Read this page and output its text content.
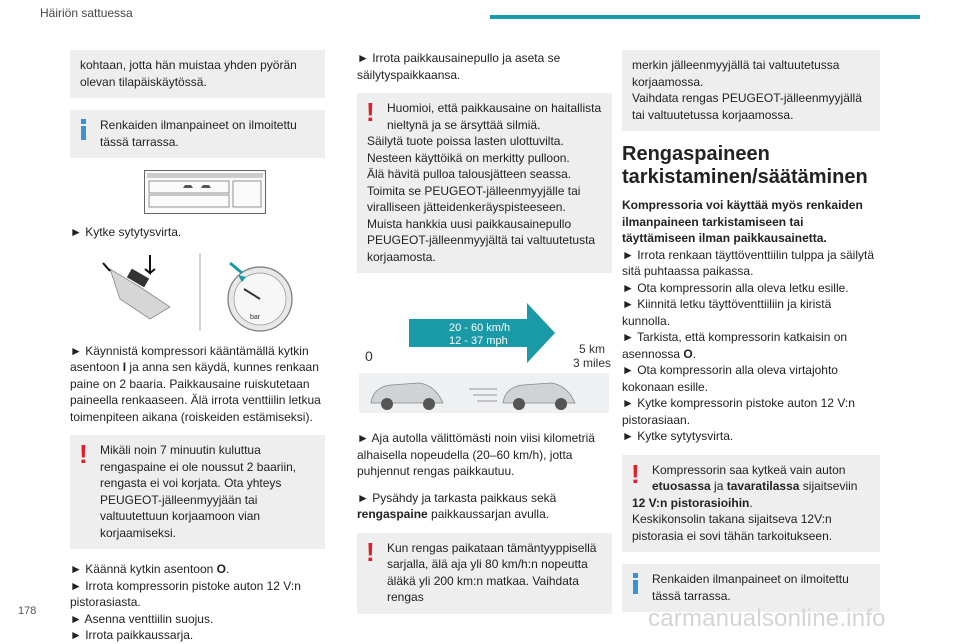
Häiriön sattuessa
kohtaan, jotta hän muistaa yhden pyörän olevan tilapäiskäytössä.
Renkaiden ilmanpaineet on ilmoitettu tässä tarrassa.

► Kytke sytytysvirta.

bar

► Käynnistä kompressori kääntämällä kytkin asentoon I ja anna sen käydä, kunnes renkaan paine on 2 baaria. Paikkausaine ruiskutetaan paineella renkaaseen. Älä irrota venttiilin letkua toimenpiteen aikana (roiskeiden estämiseksi).

! Mikäli noin 7 minuutin kuluttua rengaspaine ei ole noussut 2 baariin, rengasta ei voi korjata. Ota yhteys PEUGEOT-jälleenmyyjään tai valtuutettuun korjaamoon vian korjaamiseksi.

► Käännä kytkin asentoon O.

► Irrota kompressorin pistoke auton 12 V:n pistorasiasta.
► Asenna venttiilin suojus.
► Irrota paikkaussarja.

► Irrota paikkausainepullo ja aseta se säilytyspaikkaansa.

! Huomioi, että paikkausaine on haitallista nieltynä ja se ärsyttää silmiä.
Säilytä tuote poissa lasten ulottuvilta.
Nesteen käyttöikä on merkitty pulloon.
Älä hävitä pulloa talousjätteen seassa. Toimita se PEUGEOT-jälleenmyyjälle tai viralliseen jätteidenkeräyspisteeseen.
Muista hankkia uusi paikkausainepullo PEUGEOT-jälleenmyyjältä tai valtuutetusta korjaamosta.
20 - 60 km/h
12 - 37 mph
0	5 km
3 miles

► Aja autolla välittömästi noin viisi kilometriä alhaisella nopeudella (20–60 km/h), jotta puhjennut rengas paikkautuu.

► Pysähdy ja tarkasta paikkaus sekä rengaspaine paikkaussarjan avulla.

! Kun rengas paikataan tämäntyyppisellä sarjalla, älä aja yli 80 km/h:n nopeutta äläkä yli 200 km:n matkaa. Vaihdata rengas
merkin jälleenmyyjällä tai valtuutetussa korjaamossa.
Vaihdata rengas PEUGEOT-jälleenmyyjällä tai valtuutetussa korjaamossa.
Rengaspaineen tarkistaminen/säätäminen

Kompressoria voi käyttää myös renkaiden ilmanpaineen tarkistamiseen tai täyttämiseen ilman paikkausainetta.

► Irrota renkaan täyttöventtiilin tulppa ja säilytä sitä puhtaassa paikassa.
► Ota kompressorin alla oleva letku esille.
► Kiinnitä letku täyttöventtiiliin ja kiristä kunnolla.
► Tarkista, että kompressorin katkaisin on asennossa O.
► Ota kompressorin alla oleva virtajohto kokonaan esille.
► Kytke kompressorin pistoke auton 12 V:n pistorasiaan.

► Kytke sytytysvirta.

! Kompressorin saa kytkeä vain auton etuosassa ja tavaratilassa sijaitseviin
12 V:n pistorasioihin.
Keskikonsolin takana sijaitseva 12V:n pistorasia ei sovi tähän tarkoitukseen.
Renkaiden ilmanpaineet on ilmoitettu tässä tarrassa.
178	carmanualsonline.info
